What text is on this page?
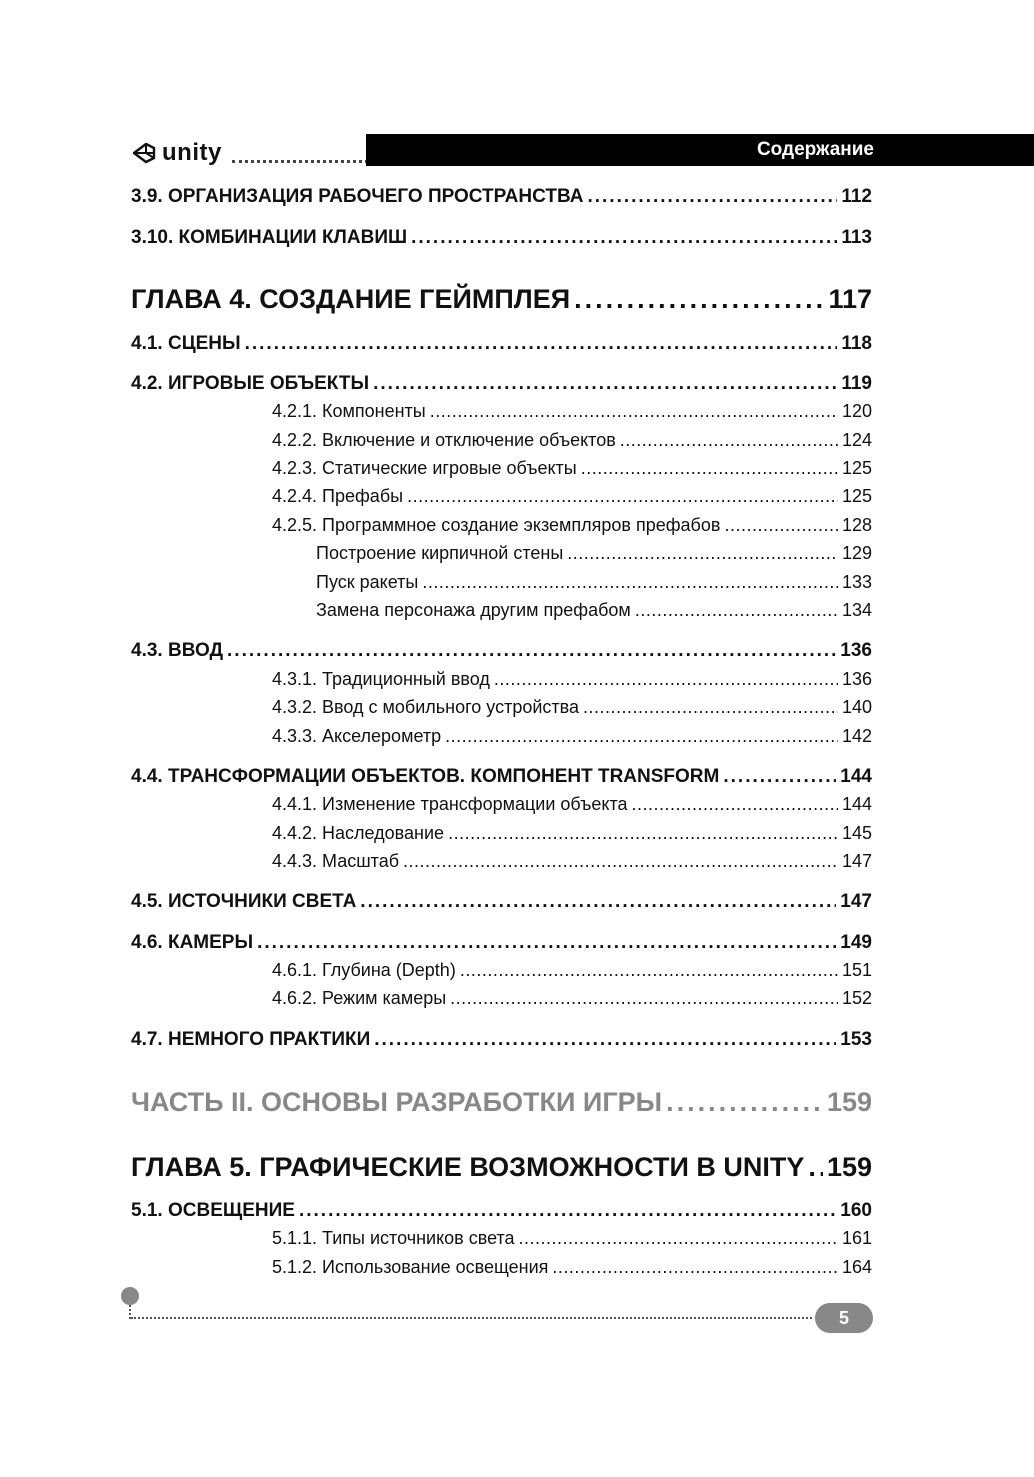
unity	Содержание
3.9. ОРГАНИЗАЦИЯ РАБОЧЕГО ПРОСТРАНСТВА .....	112
3.10. КОМБИНАЦИИ КЛАВИШ .....	113
ГЛАВА 4. СОЗДАНИЕ ГЕЙМПЛЕЯ .....	117
4.1. СЦЕНЫ .....	118
4.2. ИГРОВЫЕ ОБЪЕКТЫ .....	119
4.2.1. Компоненты .....	120
4.2.2. Включение и отключение объектов .....	124
4.2.3. Статические игровые объекты .....	125
4.2.4. Префабы .....	125
4.2.5. Программное создание экземпляров префабов .....	128
Построение кирпичной стены .....	129
Пуск ракеты .....	133
Замена персонажа другим префабом .....	134
4.3. ВВОД .....	136
4.3.1. Традиционный ввод .....	136
4.3.2. Ввод с мобильного устройства .....	140
4.3.3. Акселерометр .....	142
4.4. ТРАНСФОРМАЦИИ ОБЪЕКТОВ. КОМПОНЕНТ TRANSFORM .....	144
4.4.1. Изменение трансформации объекта .....	144
4.4.2. Наследование .....	145
4.4.3. Масштаб .....	147
4.5. ИСТОЧНИКИ СВЕТА .....	147
4.6. КАМЕРЫ .....	149
4.6.1. Глубина (Depth) .....	151
4.6.2. Режим камеры .....	152
4.7. НЕМНОГО ПРАКТИКИ .....	153
ЧАСТЬ II. ОСНОВЫ РАЗРАБОТКИ ИГРЫ .....	159
ГЛАВА 5. ГРАФИЧЕСКИЕ ВОЗМОЖНОСТИ В UNITY ..... 159
5.1. ОСВЕЩЕНИЕ .....	160
5.1.1. Типы источников света .....	161
5.1.2. Использование освещения .....	164
5
